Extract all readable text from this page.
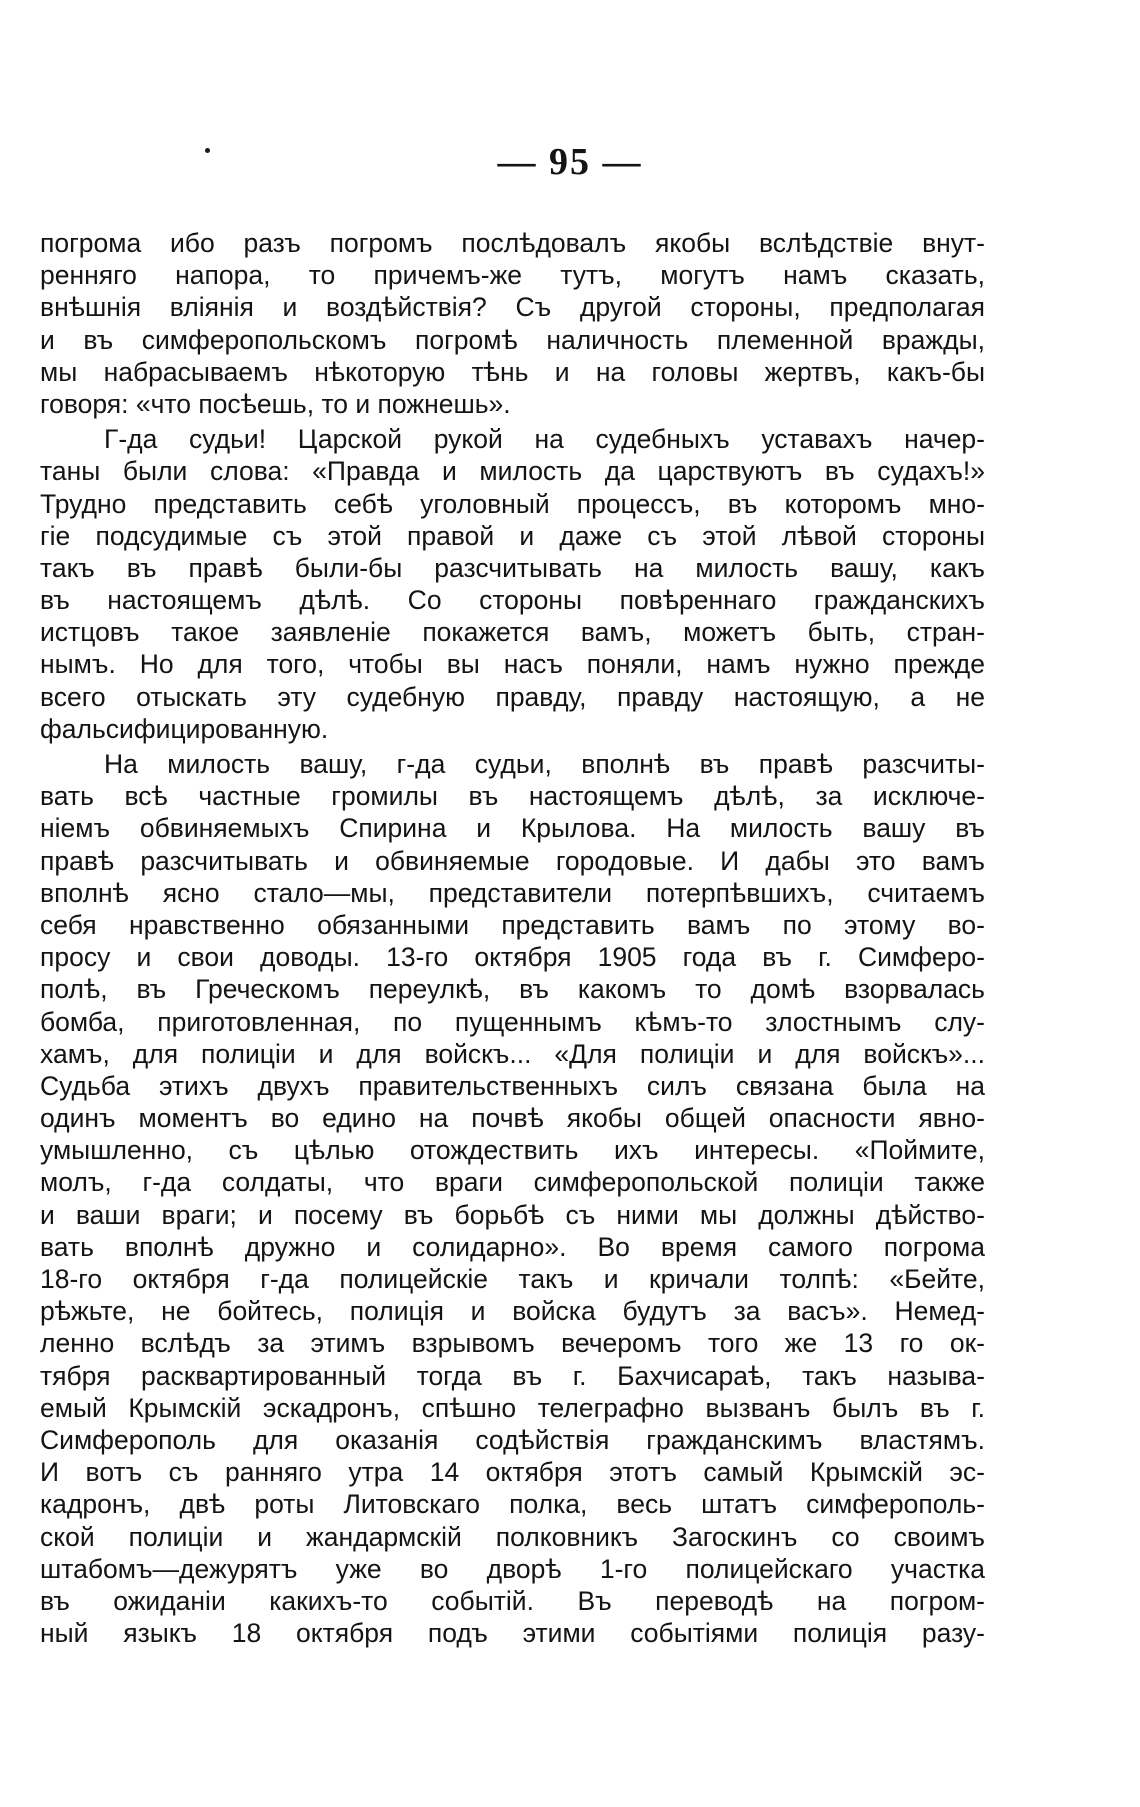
— 95 —
погрома ибо разъ погромъ послѣдовалъ якобы вслѣдствіе внут-
ренняго напора, то причемъ-же тутъ, могутъ намъ сказать,
внѣшнія вліянія и воздѣйствія? Съ другой стороны, предполагая
и въ симферопольскомъ погромѣ наличность племенной вражды,
мы набрасываемъ нѣкоторую тѣнь и на головы жертвъ, какъ-бы
говоря: «что посѣешь, то и пожнешь».
Г-да судьи! Царской рукой на судебныхъ уставахъ начер-
таны были слова: «Правда и милость да царствуютъ въ судахъ!»
Трудно представить себѣ уголовный процессъ, въ которомъ мно-
гіе подсудимые съ этой правой и даже съ этой лѣвой стороны
такъ въ правѣ были-бы разсчитывать на милость вашу, какъ
въ настоящемъ дѣлѣ. Со стороны повѣреннаго гражданскихъ
истцовъ такое заявленіе покажется вамъ, можетъ быть, стран-
нымъ. Но для того, чтобы вы насъ поняли, намъ нужно прежде
всего отыскать эту судебную правду, правду настоящую, а не
фальсифицированную.
На милость вашу, г-да судьи, вполнѣ въ правѣ разсчиты-
вать всѣ частные громилы въ настоящемъ дѣлѣ, за исключе-
ніемъ обвиняемыхъ Спирина и Крылова. На милость вашу въ
правѣ разсчитывать и обвиняемые городовые. И дабы это вамъ
вполнѣ ясно стало—мы, представители потерпѣвшихъ, считаемъ
себя нравственно обязанными представить вамъ по этому во-
просу и свои доводы. 13-го октября 1905 года въ г. Симферо-
полѣ, въ Греческомъ переулкѣ, въ какомъ то домѣ взорвалась
бомба, приготовленная, по пущеннымъ кѣмъ-то злостнымъ слу-
хамъ, для полиціи и для войскъ... «Для полиціи и для войскъ»...
Судьба этихъ двухъ правительственныхъ силъ связана была на
одинъ моментъ во едино на почвѣ якобы общей опасности явно-
умышленно, съ цѣлью отождествить ихъ интересы. «Поймите,
молъ, г-да солдаты, что враги симферопольской полиціи также
и ваши враги; и посему въ борьбѣ съ ними мы должны дѣйство-
вать вполнѣ дружно и солидарно». Во время самого погрома
18-го октября г-да полицейскіе такъ и кричали толпѣ: «Бейте,
рѣжьте, не бойтесь, полиція и войска будутъ за васъ». Немед-
ленно вслѣдъ за этимъ взрывомъ вечеромъ того же 13 го ок-
тября расквартированный тогда въ г. Бахчисараѣ, такъ называ-
емый Крымскій эскадронъ, спѣшно телеграфно вызванъ былъ въ г.
Симферополь для оказанія содѣйствія гражданскимъ властямъ.
И вотъ съ ранняго утра 14 октября этотъ самый Крымскій эс-
кадронъ, двѣ роты Литовскаго полка, весь штатъ симферополь-
ской полиціи и жандармскій полковникъ Загоскинъ со своимъ
штабомъ—дежурятъ уже во дворѣ 1-го полицейскаго участка
въ ожиданіи какихъ-то событій. Въ переводѣ на погром-
ный языкъ 18 октября подъ этими событіями полиція разу-
